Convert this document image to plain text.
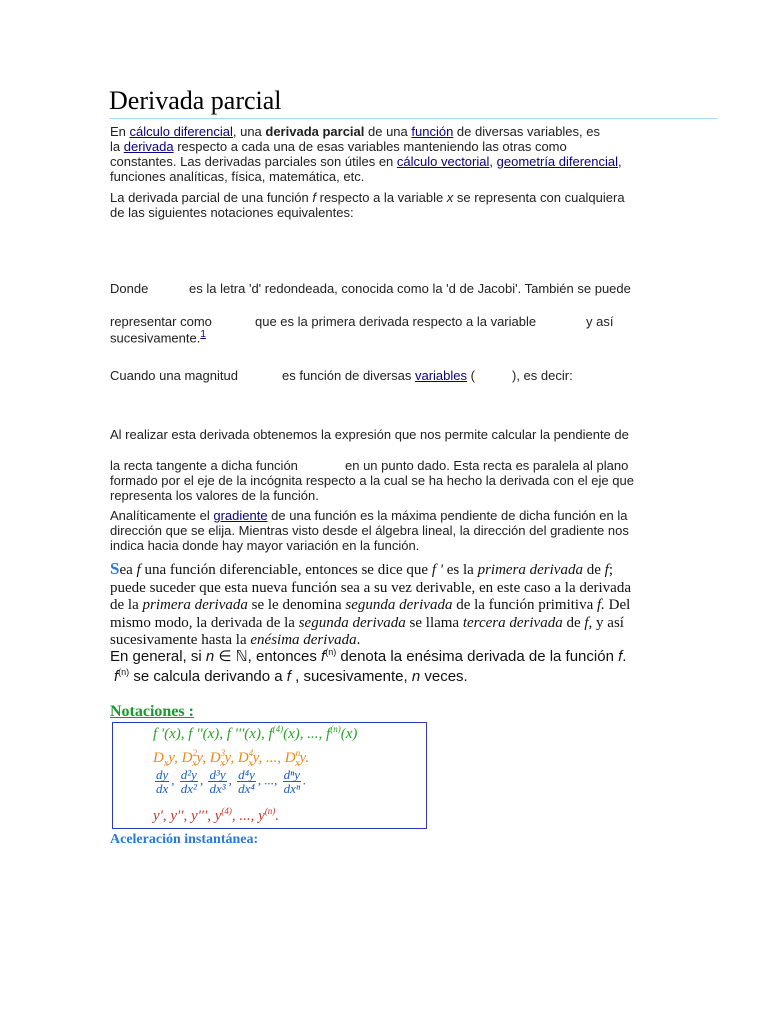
Derivada parcial
En cálculo diferencial, una derivada parcial de una función de diversas variables, es
la derivada respecto a cada una de esas variables manteniendo las otras como
constantes. Las derivadas parciales son útiles en cálculo vectorial, geometría diferencial,
funciones analíticas, física, matemática, etc.
La derivada parcial de una función f respecto a la variable x se representa con cualquiera
de las siguientes notaciones equivalentes:
Donde	es la letra 'd' redondeada, conocida como la 'd de Jacobi'. También se puede
representar como	que es la primera derivada respecto a la variable	y así
sucesivamente.$^1$
Cuando una magnitud	es función de diversas variables (	), es decir:
Al realizar esta derivada obtenemos la expresión que nos permite calcular la pendiente de
la recta tangente a dicha función	en un punto dado. Esta recta es paralela al plano
formado por el eje de la incógnita respecto a la cual se ha hecho la derivada con el eje que
representa los valores de la función.
Analíticamente el gradiente de una función es la máxima pendiente de dicha función en la
dirección que se elija. Mientras visto desde el álgebra lineal, la dirección del gradiente nos
indica hacia donde hay mayor variación en la función.
Sea f una función diferenciable, entonces se dice que f ' es la primera derivada de f;
puede suceder que esta nueva función sea a su vez derivable, en este caso a la derivada
de la primera derivada se le denomina segunda derivada de la función primitiva f. Del
mismo modo, la derivada de la segunda derivada se llama tercera derivada de f, y así
sucesivamente hasta la enésima derivada.
En general, si n ∈ ℕ, entonces $f^{(n)}$ denota la enésima derivada de la función f.
$f^{(n)}$ se calcula derivando a f , sucesivamente, n veces.
Notaciones :
f '(x), f ''(x), f '''(x), $f^{(4)}(x)$, ..., $f^{(n)}(x)$
$D_xy$, $D^2_xy$, $D^3_xy$, $D^4_xy$, ..., $D^n_xy$.
$\frac{dy}{dx}$ , $\frac{\text{d²y}}{\text{dx²}}$ , $\frac{\text{d³y}}{\text{dx³}}$ , $\frac{\text{d⁴y}}{\text{dx⁴}}$ , ..., $\frac{\text{dⁿy}}{\text{dxⁿ}}$ .
y', y'', y''', $y^{(4)}$, ..., $y^{(n)}$.
Aceleración instantánea:
